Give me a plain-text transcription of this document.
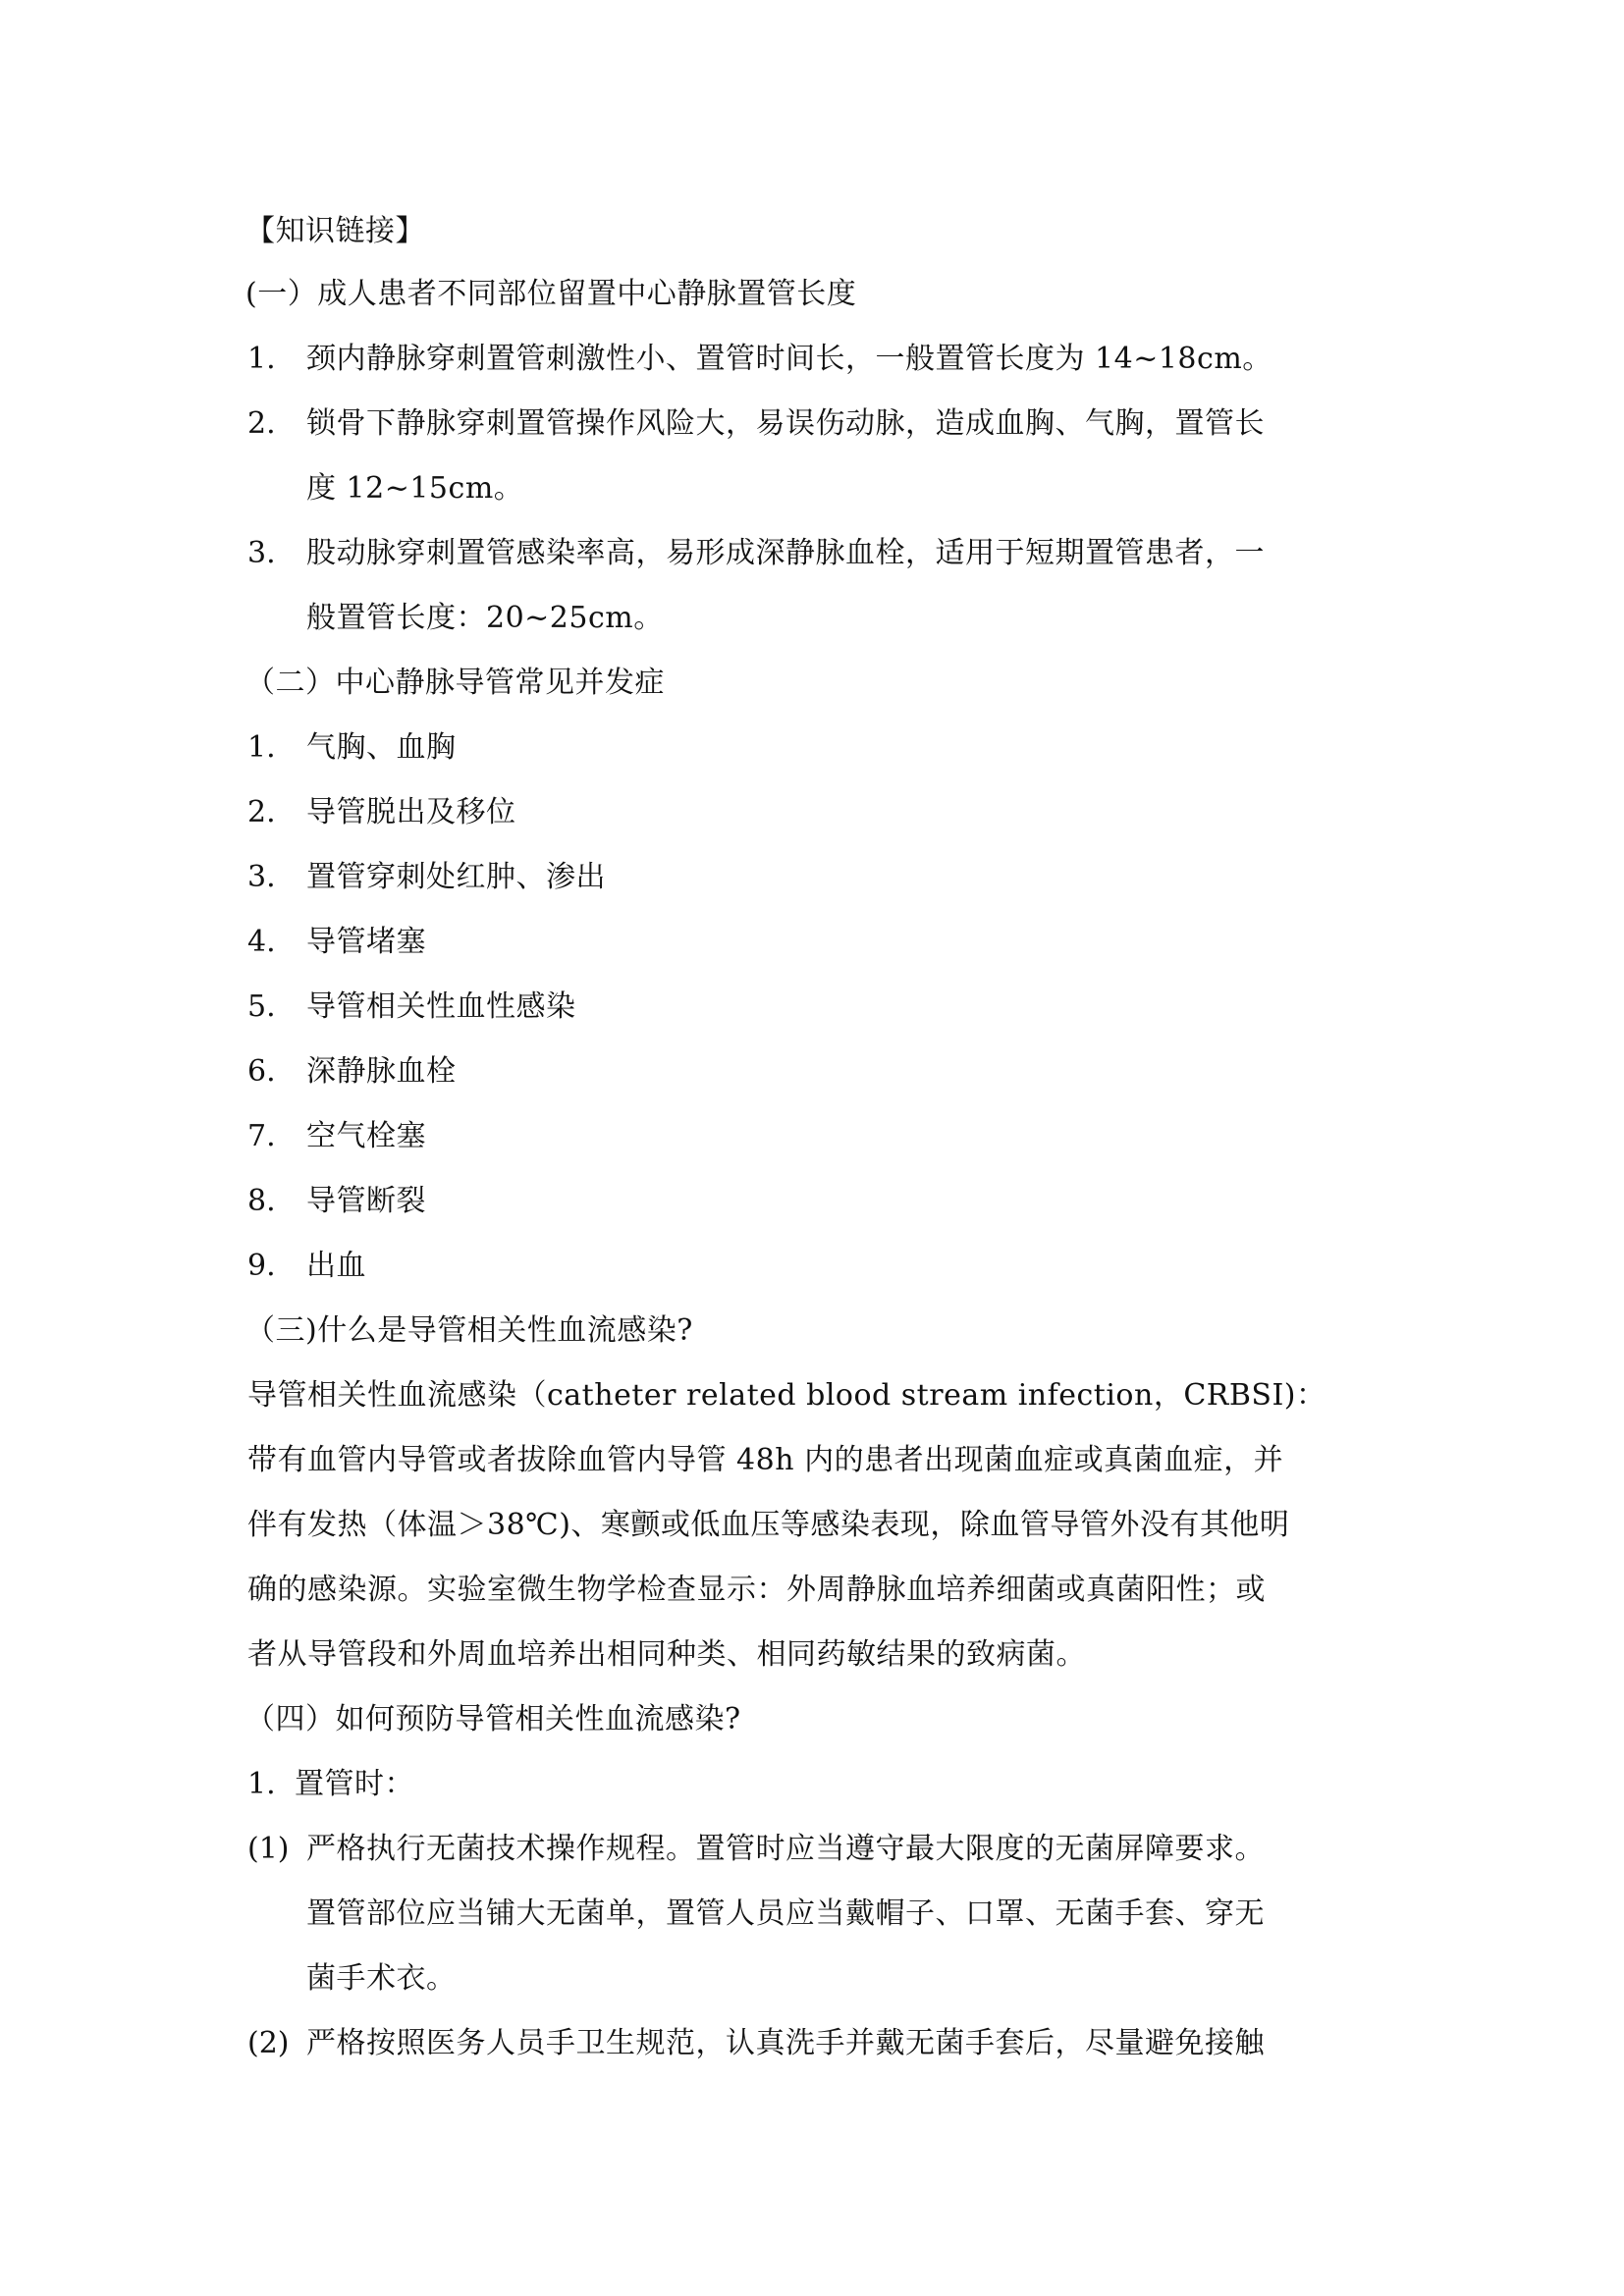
【知识链接】
(一）成人患者不同部位留置中心静脉置管长度
1. 颈内静脉穿刺置管刺激性小、置管时间长，一般置管长度为 14~18cm。
2. 锁骨下静脉穿刺置管操作风险大，易误伤动脉，造成血胸、气胸，置管长
度 12~15cm。
3. 股动脉穿刺置管感染率高，易形成深静脉血栓，适用于短期置管患者，一
般置管长度：20~25cm。
（二）中心静脉导管常见并发症
1. 气胸、血胸
2. 导管脱出及移位
3. 置管穿刺处红肿、渗出
4. 导管堵塞
5. 导管相关性血性感染
6. 深静脉血栓
7. 空气栓塞
8. 导管断裂
9. 出血
（三)什么是导管相关性血流感染?
导管相关性血流感染（catheter related blood stream infection，CRBSI)：
带有血管内导管或者拔除血管内导管 48h 内的患者出现菌血症或真菌血症，并
伴有发热（体温＞38℃)、寒颤或低血压等感染表现，除血管导管外没有其他明
确的感染源。实验室微生物学检查显示：外周静脉血培养细菌或真菌阳性；或
者从导管段和外周血培养出相同种类、相同药敏结果的致病菌。
（四）如何预防导管相关性血流感染?
1. 置管时：
(1) 严格执行无菌技术操作规程。置管时应当遵守最大限度的无菌屏障要求。
置管部位应当铺大无菌单，置管人员应当戴帽子、口罩、无菌手套、穿无
菌手术衣。
(2) 严格按照医务人员手卫生规范，认真洗手并戴无菌手套后，尽量避免接触
